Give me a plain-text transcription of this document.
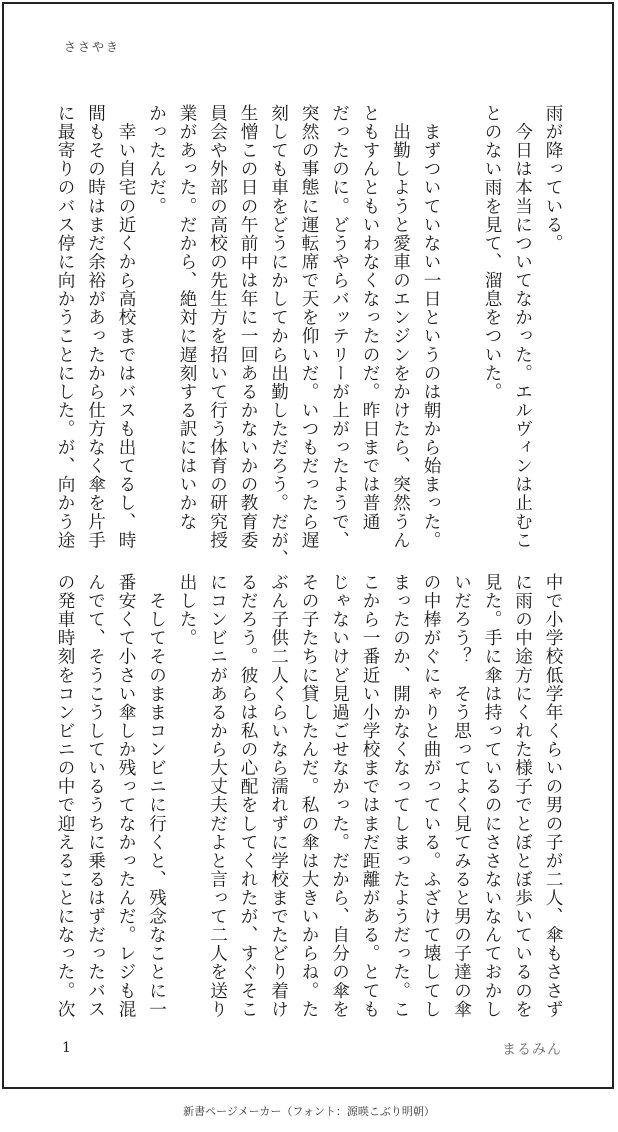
ささやき
雨が降っている。
　今日は本当についてなかった。エルヴィンは止むこ
とのない雨を見て、溜息をついた。

　まずついていない一日というのは朝から始まった。
　出勤しようと愛車のエンジンをかけたら、突然うん
ともすんともいわなくなったのだ。昨日までは普通
だったのに。どうやらバッテリーが上がったようで、
突然の事態に運転席で天を仰いだ。いつもだったら遅
刻しても車をどうにかしてから出勤しただろう。だが、
生憎この日の午前中は年に一回あるかないかの教育委
員会や外部の高校の先生方を招いて行う体育の研究授
業があった。だから、絶対に遅刻する訳にはいかな
かったんだ。
　幸い自宅の近くから高校まではバスも出てるし、時
間もその時はまだ余裕があったから仕方なく傘を片手
に最寄りのバス停に向かうことにした。が、向かう途
中で小学校低学年くらいの男の子が二人、傘もささず
に雨の中途方にくれた様子でとぼとぼ歩いているのを
見た。手に傘は持っているのにささないなんておかし
いだろう？　そう思ってよく見てみると男の子達の傘
の中棒がぐにゃりと曲がっている。ふざけて壊してし
まったのか、開かなくなってしまったようだった。こ
こから一番近い小学校まではまだ距離がある。とても
じゃないけど見過ごせなかった。だから、自分の傘を
その子たちに貸したんだ。私の傘は大きいからね。た
ぶん子供二人くらいなら濡れずに学校までたどり着け
るだろう。彼らは私の心配をしてくれたが、すぐそこ
にコンビニがあるから大丈夫だよと言って二人を送り
出した。
　そしてそのままコンビニに行くと、残念なことに一
番安くて小さい傘しか残ってなかったんだ。レジも混
んでて、そうこうしているうちに乗るはずだったバス
の発車時刻をコンビニの中で迎えることになった。次
1	まるみん
新書ページメーカー（フォント：源暎こぶり明朝）
